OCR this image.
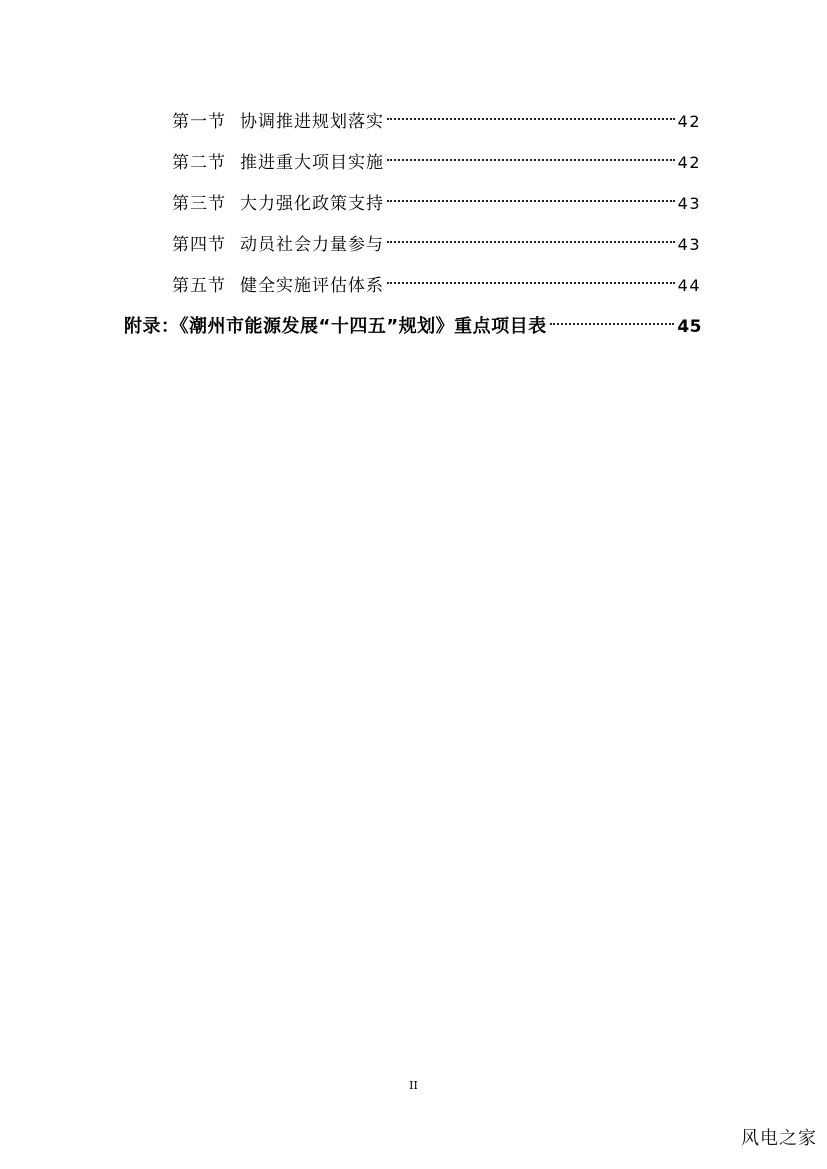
第一节 协调推进规划落实	42
第二节 推进重大项目实施	42
第三节 大力强化政策支持	43
第四节 动员社会力量参与	43
第五节 健全实施评估体系	44
附录：《潮州市能源发展“十四五”规划》重点项目表	45
II
风电之家
